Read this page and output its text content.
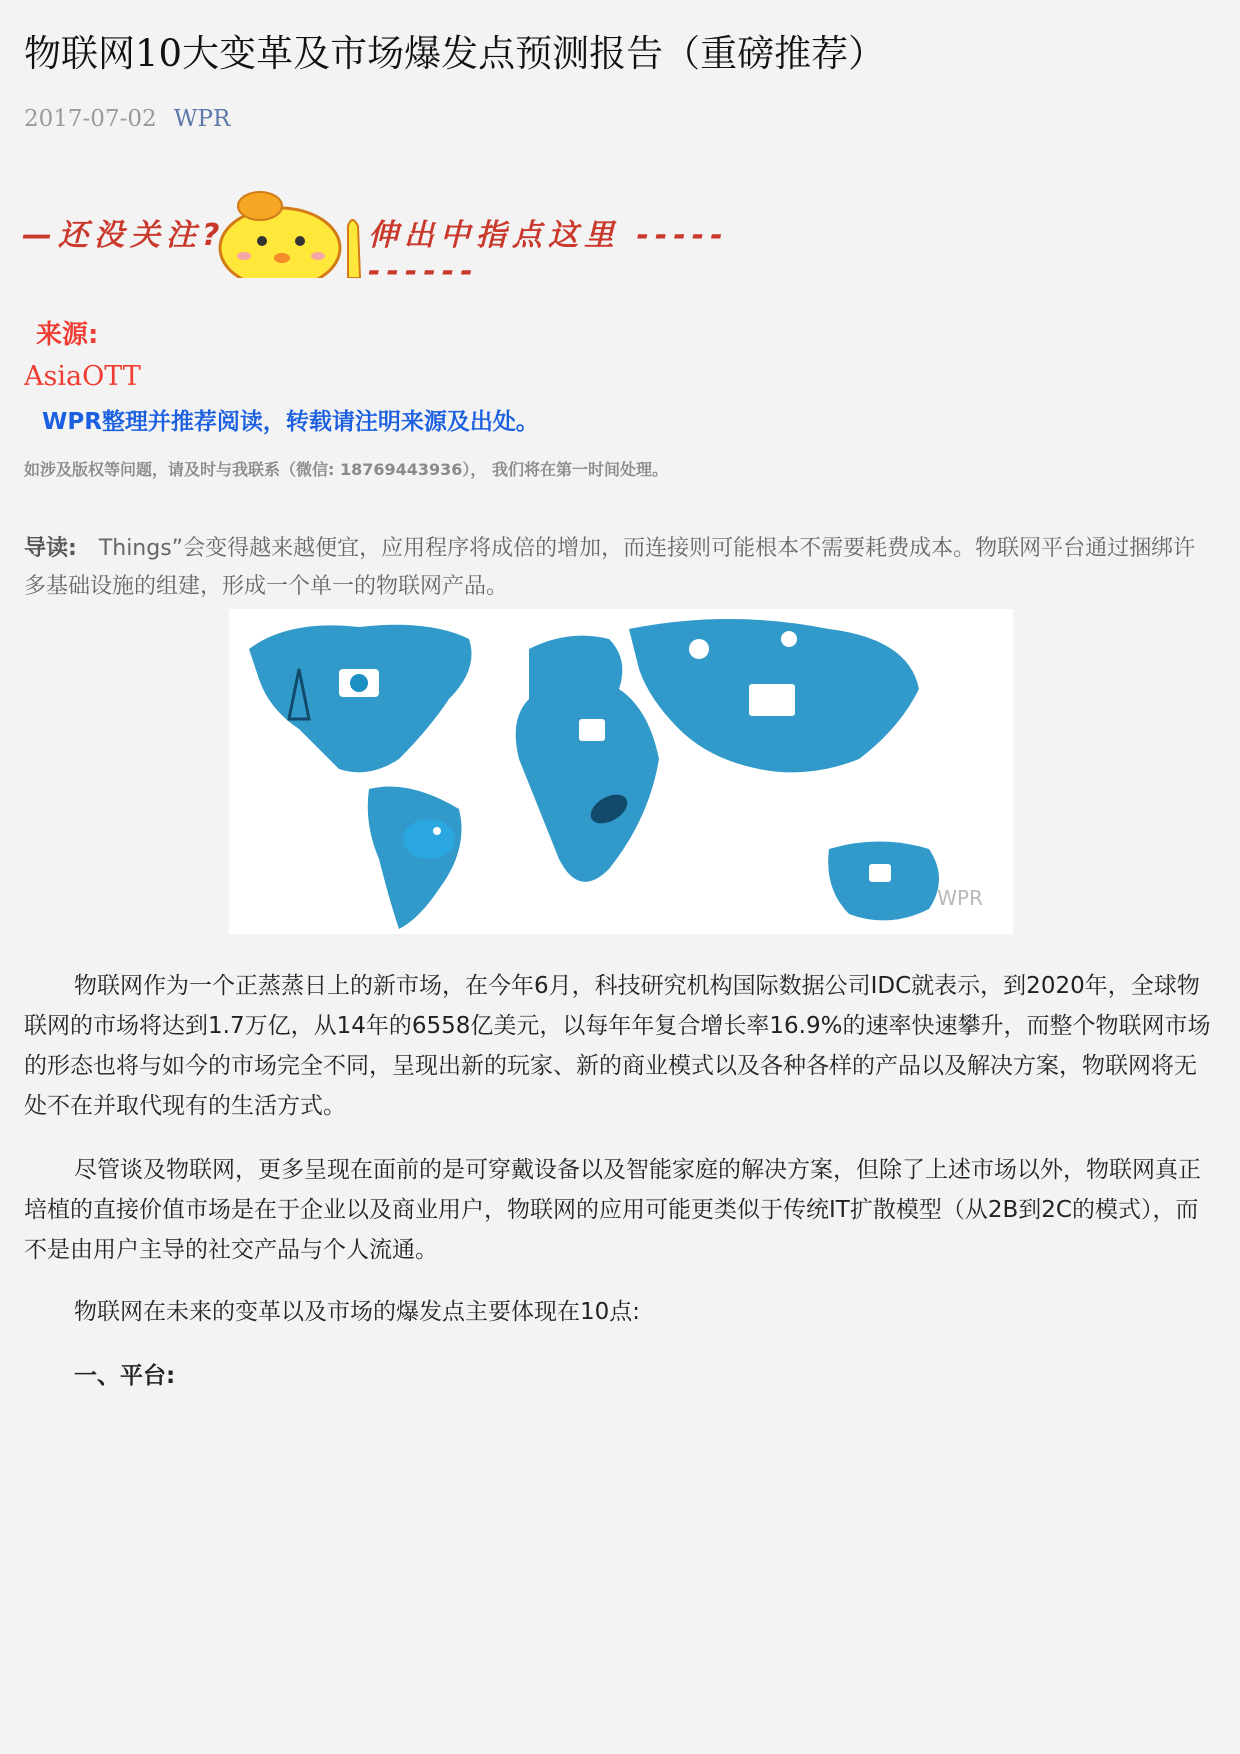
物联网10大变革及市场爆发点预测报告（重磅推荐）
2017-07-02 WPR
—还没关注?	伸出中指点这里 -----------
来源:
AsiaOTT
WPR整理并推荐阅读，转载请注明来源及出处。
如涉及版权等问题，请及时与我联系（微信: 18769443936）， 我们将在第一时间处理。
导读: Things”会变得越来越便宜，应用程序将成倍的增加，而连接则可能根本不需要耗费成本。物联网平台通过捆绑许多基础设施的组建，形成一个单一的物联网产品。
WPR

物联网作为一个正蒸蒸日上的新市场，在今年6月，科技研究机构国际数据公司IDC就表示，到2020年，全球物联网的市场将达到1.7万亿，从14年的6558亿美元，以每年年复合增长率16.9%的速率快速攀升，而整个物联网市场的形态也将与如今的市场完全不同，呈现出新的玩家、新的商业模式以及各种各样的产品以及解决方案，物联网将无处不在并取代现有的生活方式。

尽管谈及物联网，更多呈现在面前的是可穿戴设备以及智能家庭的解决方案，但除了上述市场以外，物联网真正培植的直接价值市场是在于企业以及商业用户，物联网的应用可能更类似于传统IT扩散模型（从2B到2C的模式），而不是由用户主导的社交产品与个人流通。

物联网在未来的变革以及市场的爆发点主要体现在10点:

一、平台:
